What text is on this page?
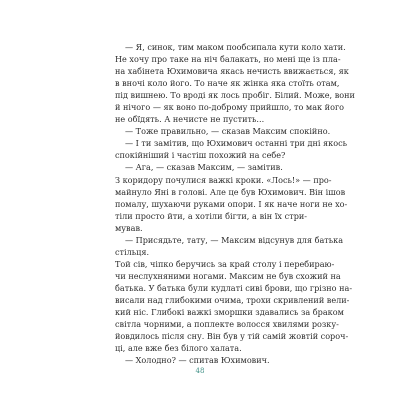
— Я, синок, тим маком пообсипала кути коло хати.
Не хочу про таке на ніч балакать, но мені ще із пла-
на хабінета Юхимовича якась нечисть ввижається, як
в вночі коло його. То наче як жінка яка стоїть отам,
під вишнею. То вроді як лось пробіг. Білий. Може, вони
й нічого — як воно по-доброму прийшло, то мак його
не обїдять. А нечисте не пустить...
— Тоже правильно, — сказав Максим спокійно.
— І ти замітив, що Юхимович останні три дні якось
спокійніший і частіш похожий на себе?
— Ага, — сказав Максим, — замітив.
З коридору почулися важкі кроки. «Лось!» — про-
майнуло Яні в голові. Але це був Юхимович. Він ішов
помалу, шухаючи руками опори. І як наче ноги не хо-
тіли просто йти, а хотіли бігти, а він їх стри-
мував.
— Присядьте, тату, — Максим відсунув для батька
стільця.
Той сів, чіпко беручись за край столу і перебираю-
чи неслухняними ногами. Максим не був схожий на
батька. У батька були кудлаті сиві брови, що грізно на-
висали над глибокими очима, трохи скривлений вели-
кий ніс. Глибокі важкі зморшки здавались за браком
світла чорними, а поплекте волосся хвилями розку-
йовдилось після сну. Він був у тій самій жовтій сороч-
ці, але вже без білого халата.
— Холодно? — спитав Юхимович.
48
